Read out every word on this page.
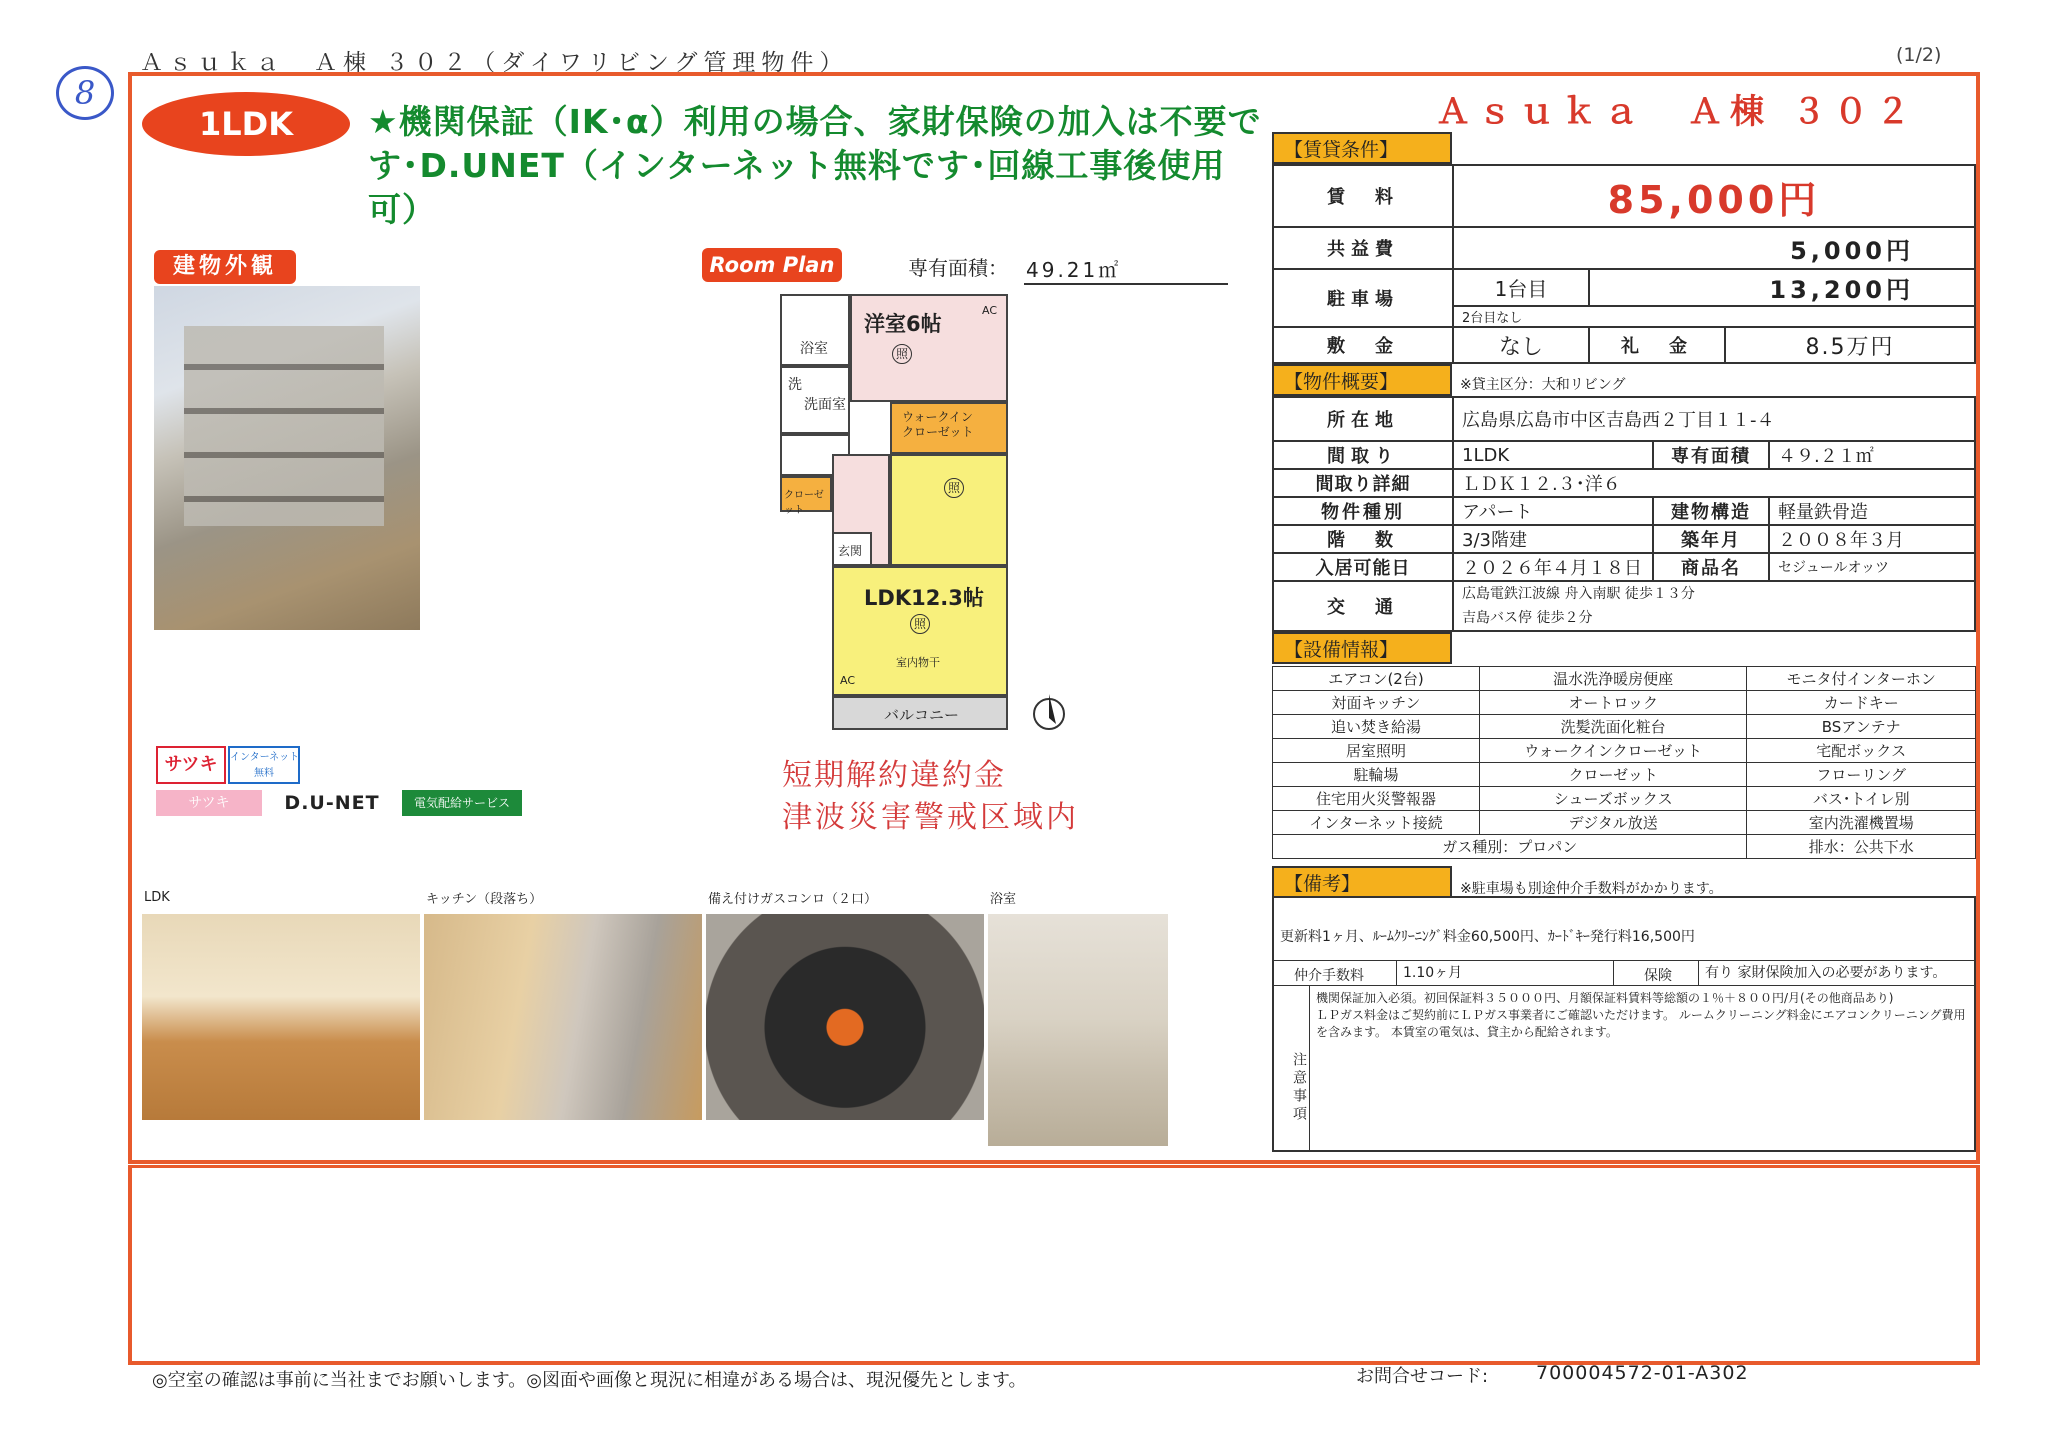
8
Ａｓｕｋａ　Ａ棟 ３０２（ダイワリビング管理物件）	(1/2)
1LDK	★機関保証（IK･α）利用の場合、家財保険の加入は不要です･D.UNET（インターネット無料です･回線工事後使用可）
建物外観	Room Plan	専有面積： 49.21㎡
浴室
洋室6帖
AC
照
洗
洗面室
ウォークイン
クローゼット
クローゼット
玄関
照
LDK12.3帖
照
室内物干
AC
バルコニー
サツキ	インターネット
無料
サツキ	D.U-NET	電気配給サービス
短期解約違約金
津波災害警戒区域内
LDK	キッチン（段落ち）	備え付けガスコンロ（２口）	浴室
Ａｓｕｋａ　Ａ棟 ３０２
【賃貸条件】
賃　料	85,000円		
共益費	5,000円		
駐車場	1台目	13,200円	
	2台目なし		
敷　金	なし	礼　金	8.5万円
【物件概要】	※貸主区分：大和リビング
所在地	広島県広島市中区吉島西２丁目１１-４		
間取り	1LDK	専有面積	４９.２１㎡
間取り詳細	ＬＤＫ１２.３･洋６		
物件種別	アパート	建物構造	軽量鉄骨造
階　数	3/3階建	築年月	２００８年３月
入居可能日	２０２６年４月１８日	商品名	セジュールオッツ
交　通	広島電鉄江波線 舟入南駅 徒歩１３分
吉島バス停 徒歩２分		
【設備情報】
エアコン(2台)	温水洗浄暖房便座	モニタ付インターホン
対面キッチン	オートロック	カードキー
追い焚き給湯	洗髪洗面化粧台	BSアンテナ
居室照明	ウォークインクローゼット	宅配ボックス
駐輪場	クローゼット	フローリング
住宅用火災警報器	シューズボックス	バス･トイレ別
インターネット接続	デジタル放送	室内洗濯機置場
ガス種別：プロパン		排水：公共下水
【備考】	※駐車場も別途仲介手数料がかかります。
更新料1ヶ月、ﾙｰﾑｸﾘｰﾆﾝｸﾞ料金60,500円、ｶｰﾄﾞｷｰ発行料16,500円
仲介手数料	1.10ヶ月	保険	有り 家財保険加入の必要があります。
注意事項
機関保証加入必須。初回保証料３５０００円、月額保証料賃料等総額の１％＋８００円/月(その他商品あり)
ＬＰガス料金はご契約前にＬＰガス事業者にご確認いただけます。 ルームクリーニング料金にエアコンクリーニング費用を含みます。 本賃室の電気は、貸主から配給されます。
◎空室の確認は事前に当社までお願いします。◎図面や画像と現況に相違がある場合は、現況優先とします。	お問合せコード:	700004572-01-A302
